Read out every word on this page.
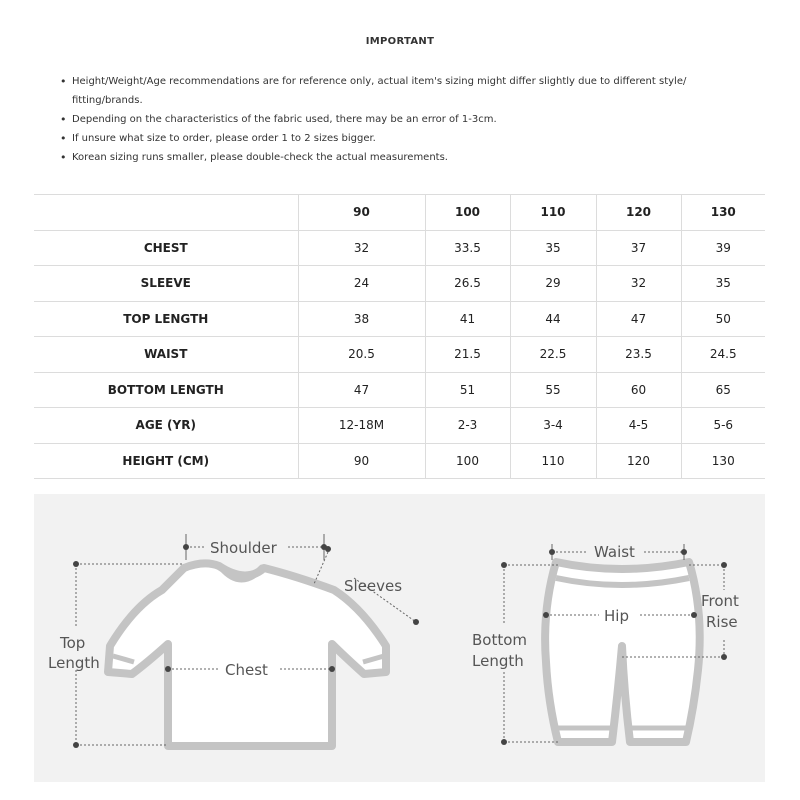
IMPORTANT
• Height/Weight/Age recommendations are for reference only, actual item's sizing might differ slightly due to different style/ fitting/brands.
• Depending on the characteristics of the fabric used, there may be an error of 1-3cm.
• If unsure what size to order, please order 1 to 2 sizes bigger.
• Korean sizing runs smaller, please double-check the actual measurements.
	90	100	110	120	130
CHEST	32	33.5	35	37	39
SLEEVE	24	26.5	29	32	35
TOP LENGTH	38	41	44	47	50
WAIST	20.5	21.5	22.5	23.5	24.5
BOTTOM LENGTH	47	51	55	60	65
AGE (YR)	12-18M	2-3	3-4	4-5	5-6
HEIGHT (CM)	90	100	110	120	130
Shoulder
Sleeves
Top
Length	Chest
Waist
Front
Rise
Hip
Bottom
Length
